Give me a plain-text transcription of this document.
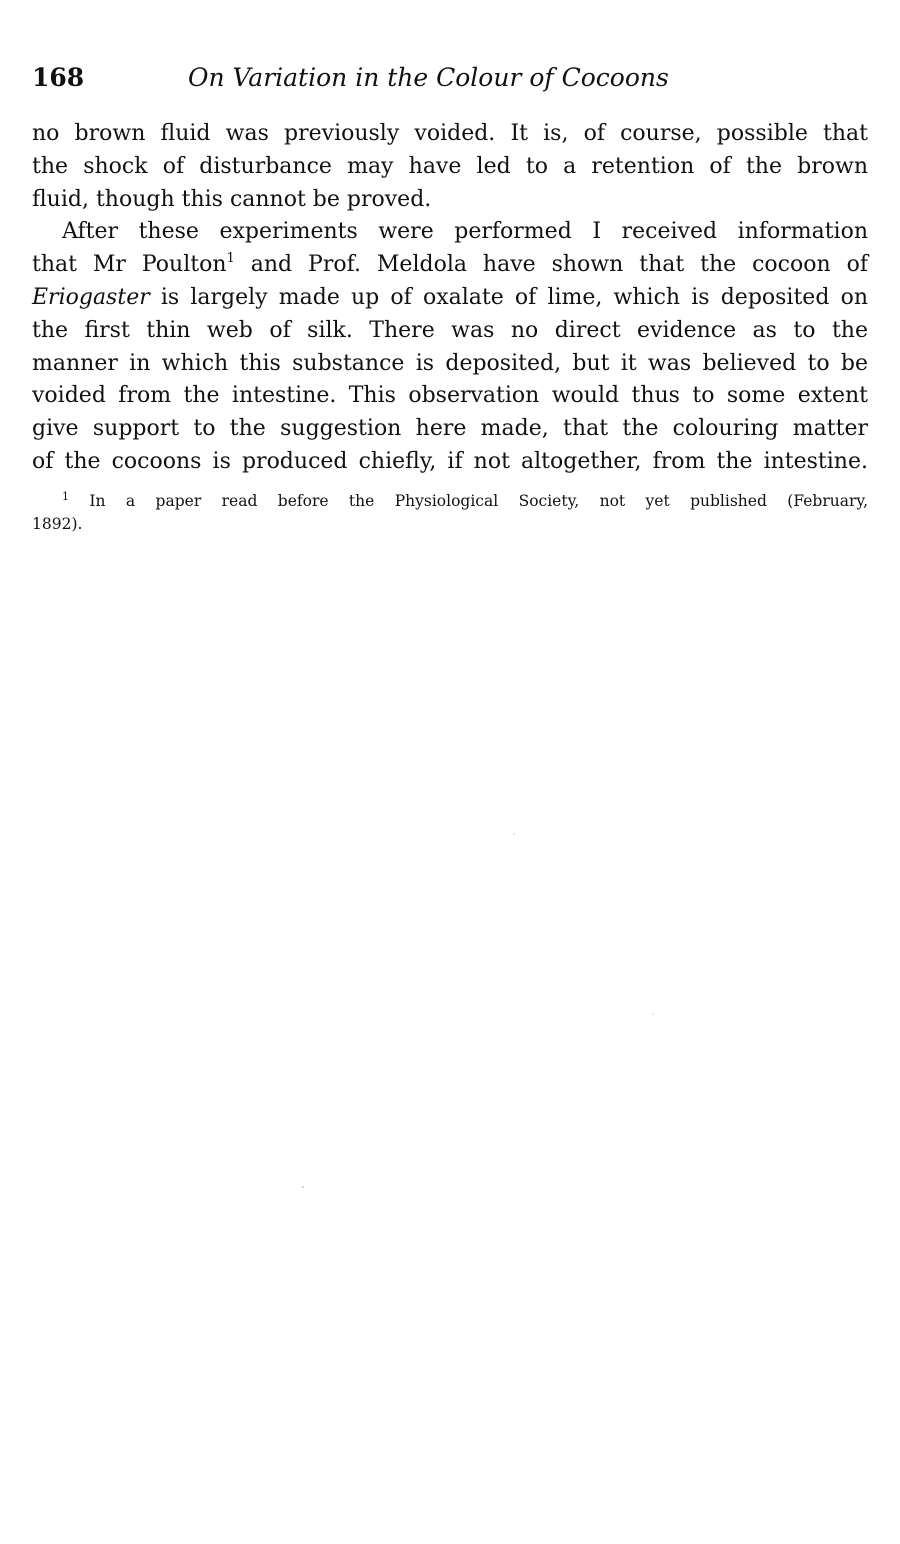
168	On Variation in the Colour of Cocoons
no brown fluid was previously voided. It is, of course, possible that
the shock of disturbance may have led to a retention of the brown
fluid, though this cannot be proved.
After these experiments were performed I received information
that Mr Poulton$^1$ and Prof. Meldola have shown that the cocoon of
Eriogaster is largely made up of oxalate of lime, which is deposited on
the first thin web of silk. There was no direct evidence as to the
manner in which this substance is deposited, but it was believed to be
voided from the intestine. This observation would thus to some extent
give support to the suggestion here made, that the colouring matter
of the cocoons is produced chiefly, if not altogether, from the intestine.
$^1$ In a paper read before the Physiological Society, not yet published (February,
1892).
